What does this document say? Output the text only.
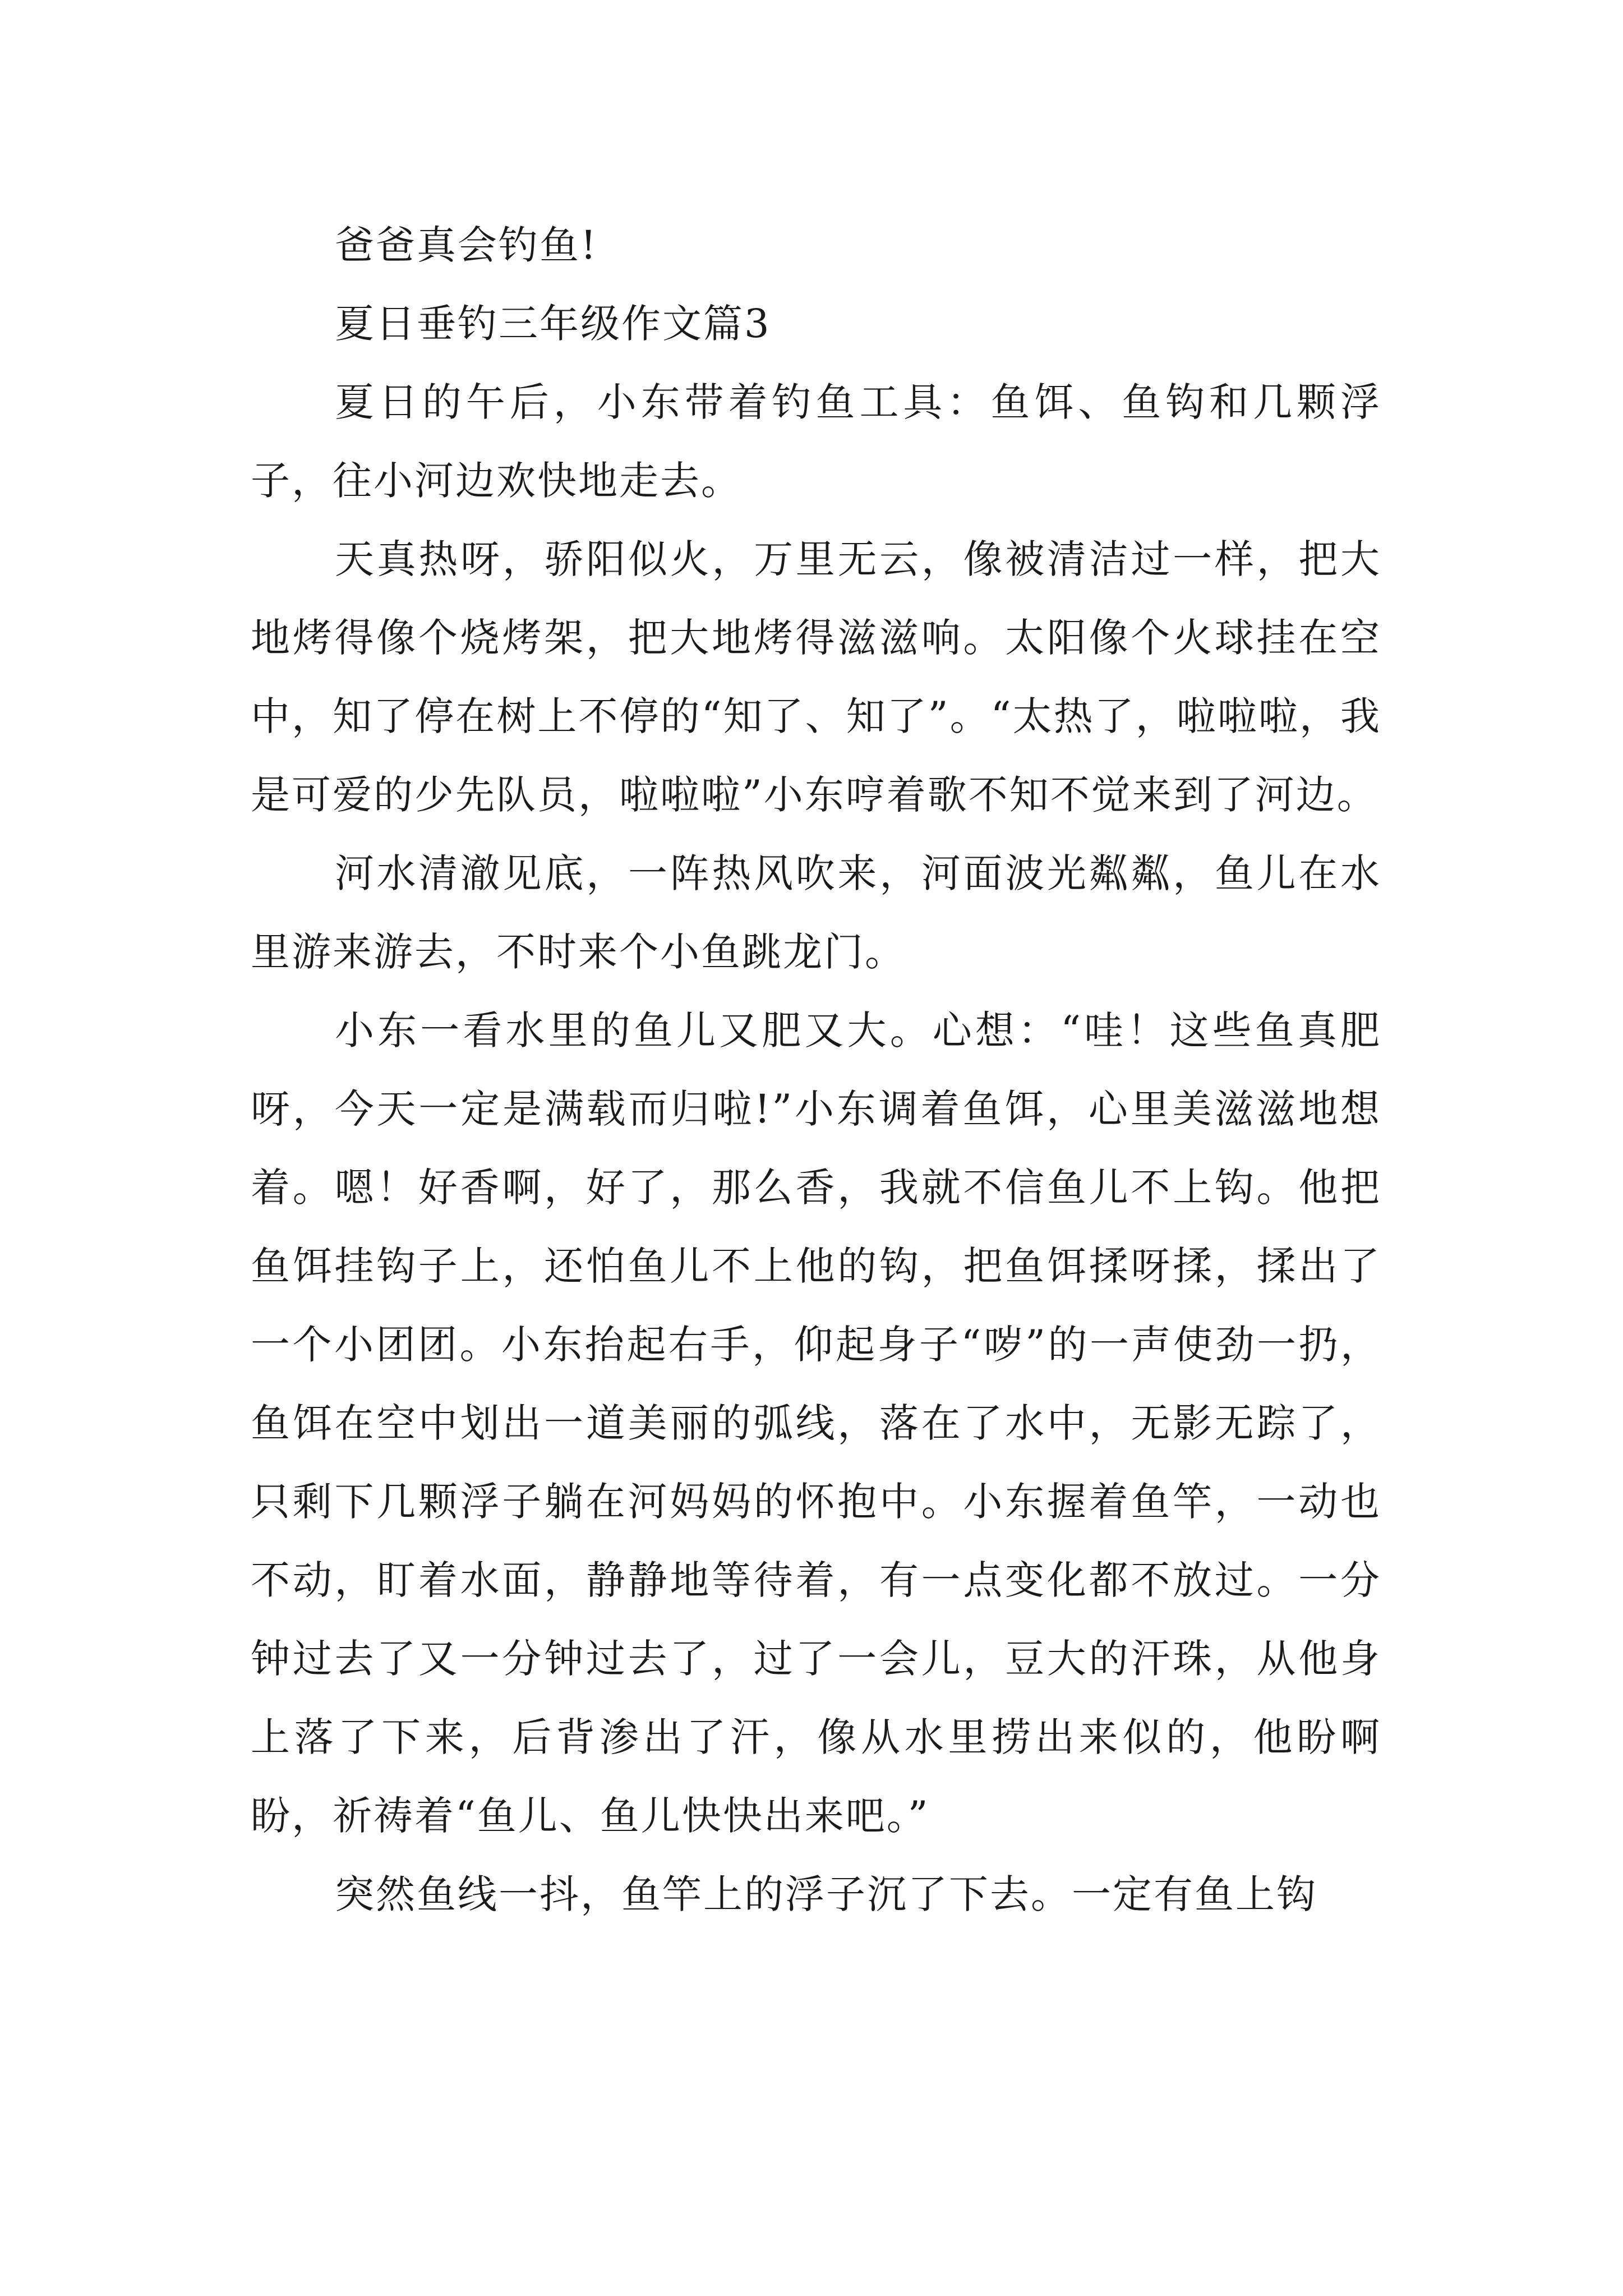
爸爸真会钓鱼!

夏日垂钓三年级作文篇3

夏日的午后，小东带着钓鱼工具：鱼饵、鱼钩和几颗浮子，往小河边欢快地走去。

天真热呀，骄阳似火，万里无云，像被清洁过一样，把大地烤得像个烧烤架，把大地烤得滋滋响。太阳像个火球挂在空中，知了停在树上不停的“知了、知了”。“太热了，啦啦啦，我是可爱的少先队员，啦啦啦”小东哼着歌不知不觉来到了河边。

河水清澈见底，一阵热风吹来，河面波光粼粼，鱼儿在水里游来游去，不时来个小鱼跳龙门。

小东一看水里的鱼儿又肥又大。心想：“哇！这些鱼真肥呀，今天一定是满载而归啦!”小东调着鱼饵，心里美滋滋地想着。嗯！好香啊，好了，那么香，我就不信鱼儿不上钩。他把鱼饵挂钩子上，还怕鱼儿不上他的钩，把鱼饵揉呀揉，揉出了一个小团团。小东抬起右手，仰起身子“哕”的一声使劲一扔，鱼饵在空中划出一道美丽的弧线，落在了水中，无影无踪了，只剩下几颗浮子躺在河妈妈的怀抱中。小东握着鱼竿，一动也不动，盯着水面，静静地等待着，有一点变化都不放过。一分钟过去了又一分钟过去了，过了一会儿，豆大的汗珠，从他身上落了下来，后背渗出了汗，像从水里捞出来似的，他盼啊盼，祈祷着“鱼儿、鱼儿快快出来吧。”

突然鱼线一抖，鱼竿上的浮子沉了下去。一定有鱼上钩
